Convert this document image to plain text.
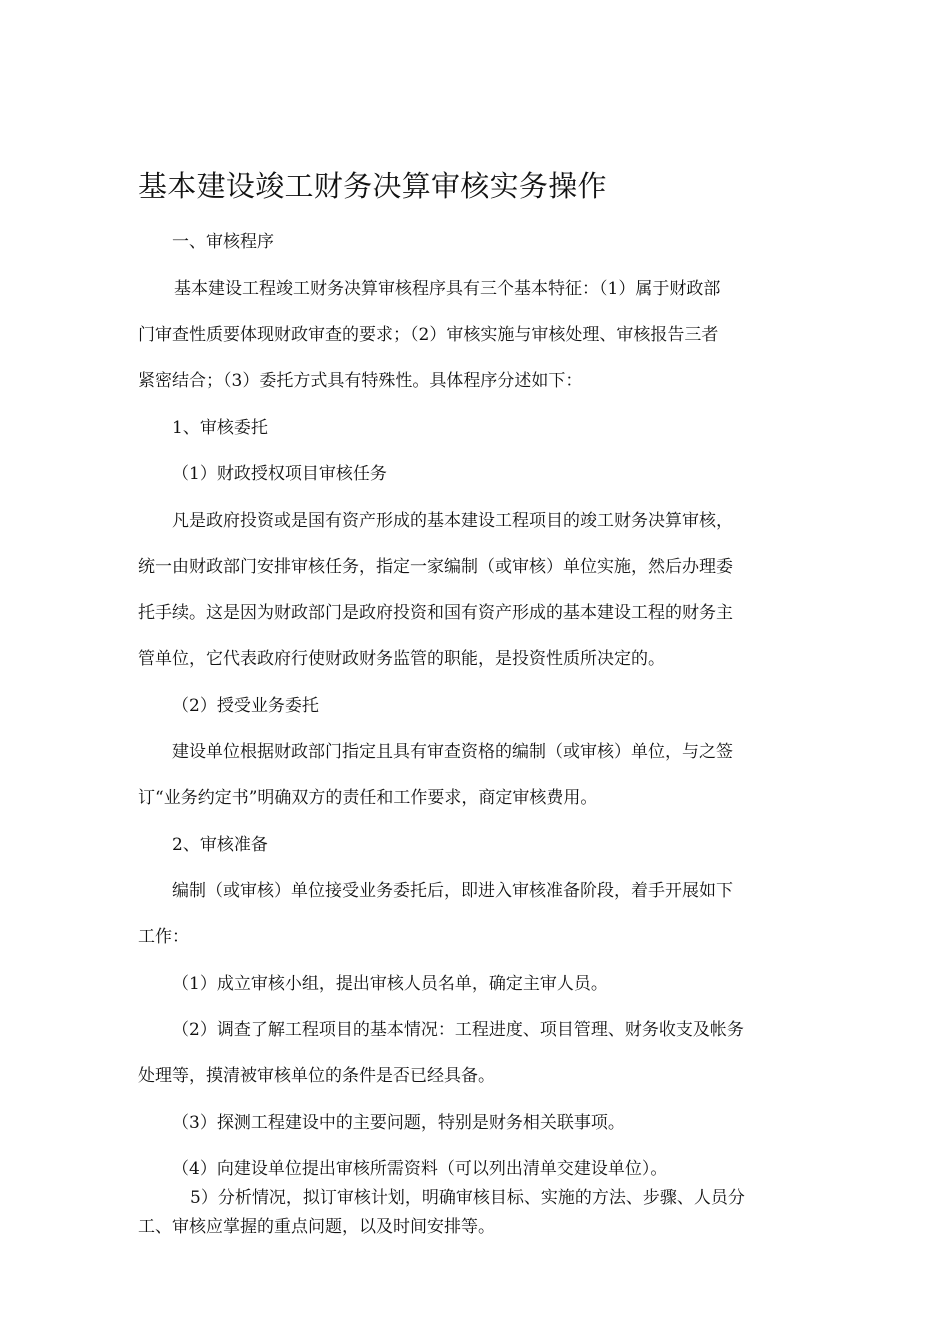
基本建设竣工财务决算审核实务操作
一、审核程序
基本建设工程竣工财务决算审核程序具有三个基本特征：（1）属于财政部
门审查性质要体现财政审查的要求；（2）审核实施与审核处理、审核报告三者
紧密结合；（3）委托方式具有特殊性。具体程序分述如下：
1、审核委托
（1）财政授权项目审核任务
凡是政府投资或是国有资产形成的基本建设工程项目的竣工财务决算审核，
统一由财政部门安排审核任务，指定一家编制（或审核）单位实施，然后办理委
托手续。这是因为财政部门是政府投资和国有资产形成的基本建设工程的财务主
管单位，它代表政府行使财政财务监管的职能，是投资性质所决定的。
（2）授受业务委托
建设单位根据财政部门指定且具有审查资格的编制（或审核）单位，与之签
订“业务约定书”明确双方的责任和工作要求，商定审核费用。
2、审核准备
编制（或审核）单位接受业务委托后，即进入审核准备阶段，着手开展如下
工作：
（1）成立审核小组，提出审核人员名单，确定主审人员。
（2）调查了解工程项目的基本情况：工程进度、项目管理、财务收支及帐务
处理等，摸清被审核单位的条件是否已经具备。
（3）探测工程建设中的主要问题，特别是财务相关联事项。
（4）向建设单位提出审核所需资料（可以列出清单交建设单位）。
5）分析情况，拟订审核计划，明确审核目标、实施的方法、步骤、人员分
工、审核应掌握的重点问题，以及时间安排等。
